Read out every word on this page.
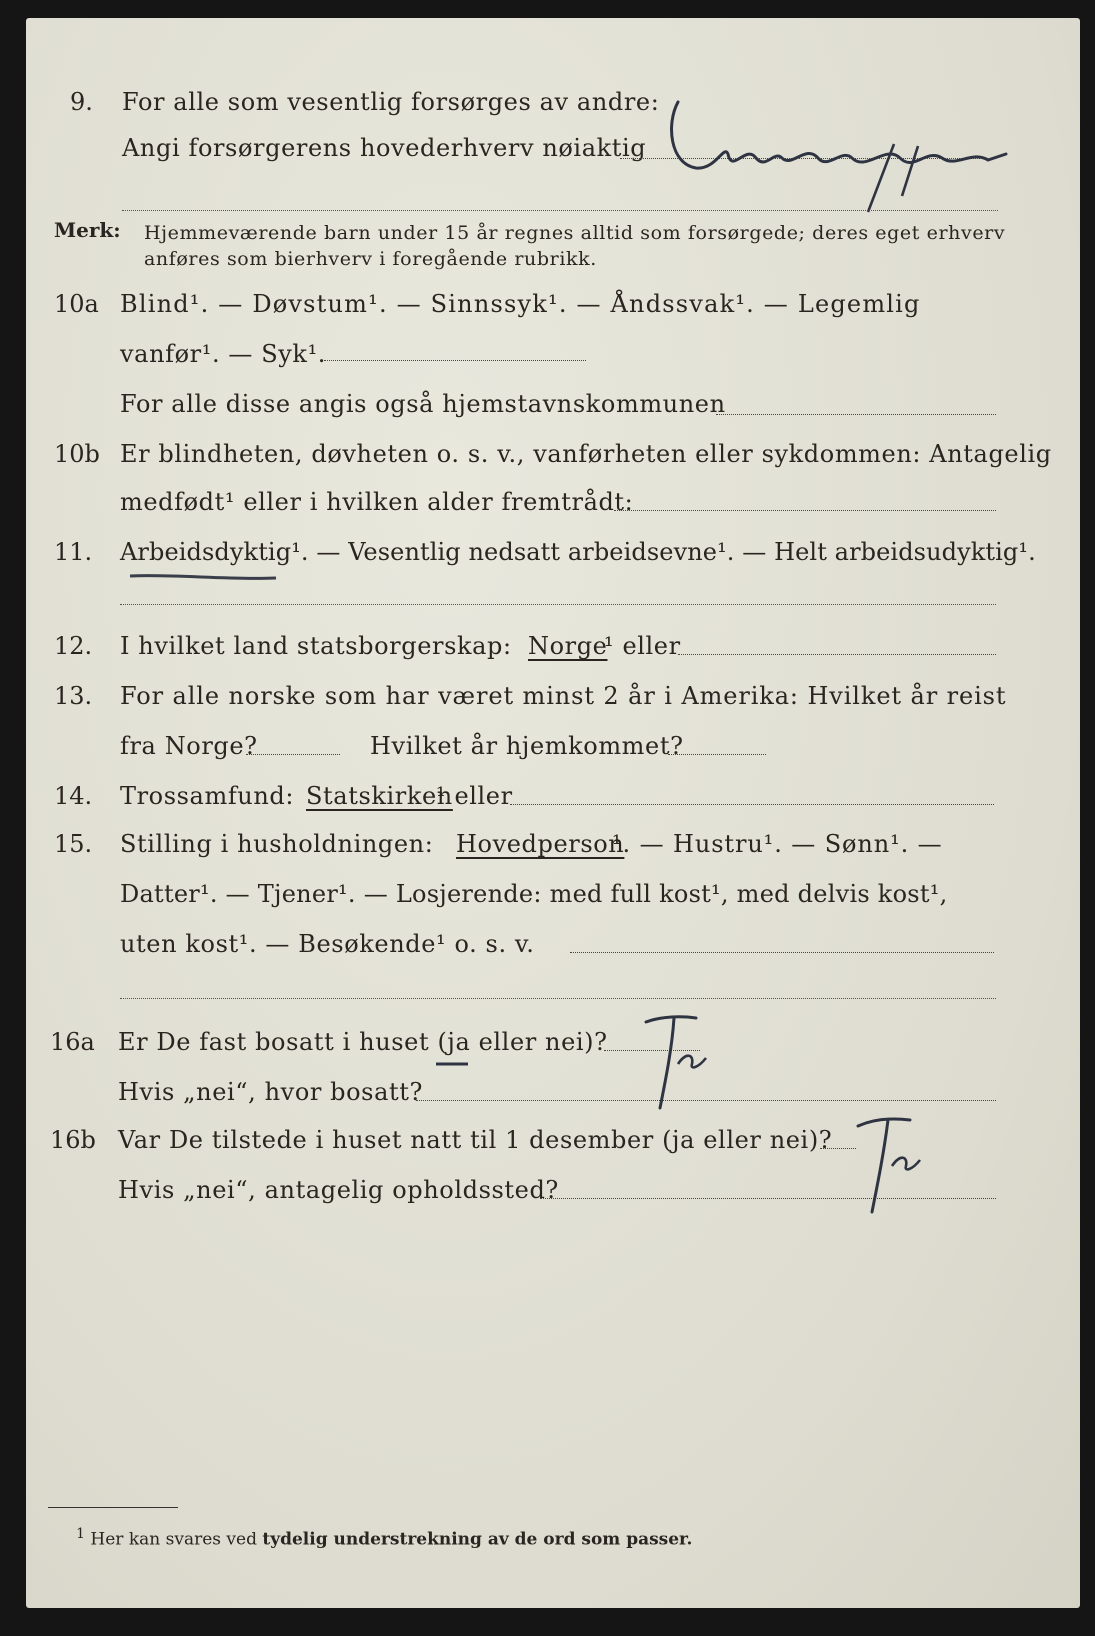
9. For alle som vesentlig forsørges av andre:
Angi forsørgerens hovederhverv nøiaktig
Underofficer
Merk: Hjemmeværende barn under 15 år regnes alltid som forsørgede; deres eget erhverv
anføres som bierhverv i foregående rubrikk.
10a Blind¹. — Døvstum¹. — Sinnssyk¹. — Åndssvak¹. — Legemlig
vanfør¹. — Syk¹.
For alle disse angis også hjemstavnskommunen
10b Er blindheten, døvheten o. s. v., vanførheten eller sykdommen: Antagelig
medfødt¹ eller i hvilken alder fremtrådt:
11. Arbeidsdyktig¹. — Vesentlig nedsatt arbeidsevne¹. — Helt arbeidsudyktig¹.
12. I hvilket land statsborgerskap: Norge
¹ eller
13. For alle norske som har været minst 2 år i Amerika: Hvilket år reist
fra Norge?	Hvilket år hjemkommet?
14. Trossamfund: Statskirken
¹ eller
15. Stilling i husholdningen: Hovedperson
¹. — Hustru¹. — Sønn¹. —
Datter¹. — Tjener¹. — Losjerende: med full kost¹, med delvis kost¹,
uten kost¹. — Besøkende¹ o. s. v.
16a Er De fast bosatt i huset (ja eller nei)?
Hvis „nei“, hvor bosatt?
Ja
16b Var De tilstede i huset natt til 1 desember (ja eller nei)?
Hvis „nei“, antagelig opholdssted?
Ja
$^1$ Her kan svares ved tydelig understrekning av de ord som passer.
